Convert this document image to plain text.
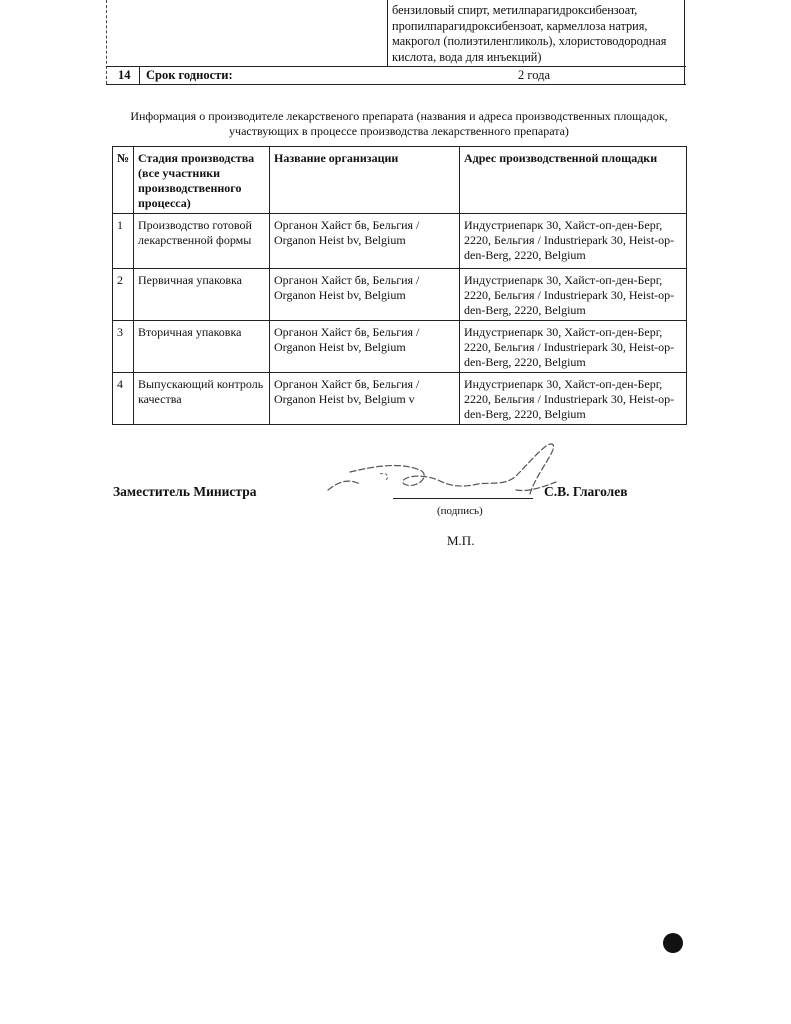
бензиловый спирт, метилпарагидроксибензоат,
пропилпарагидроксибензоат, кармеллоза натрия,
макрогол (полиэтиленгликоль), хлористоводородная
кислота, вода для инъекций)
14 Срок годности:	2 года
Информация о производителе лекарственого препарата (названия и адреса производственных площадок,
участвующих в процессе производства лекарственного препарата)
№	Стадия производства (все участники производственного процесса)	Название организации	Адрес производственной площадки
1	Производство готовой лекарственной формы	Органон Хайст бв, Бельгия / Organon Heist bv, Belgium	Индустриепарк 30, Хайст-оп-ден-Берг, 2220, Бельгия / Industriepark 30, Heist-op-den-Berg, 2220, Belgium
2	Первичная упаковка	Органон Хайст бв, Бельгия / Organon Heist bv, Belgium	Индустриепарк 30, Хайст-оп-ден-Берг, 2220, Бельгия / Industriepark 30, Heist-op-den-Berg, 2220, Belgium
3	Вторичная упаковка	Органон Хайст бв, Бельгия / Organon Heist bv, Belgium	Индустриепарк 30, Хайст-оп-ден-Берг, 2220, Бельгия / Industriepark 30, Heist-op-den-Berg, 2220, Belgium
4	Выпускающий контроль качества	Органон Хайст бв, Бельгия / Organon Heist bv, Belgium v	Индустриепарк 30, Хайст-оп-ден-Берг, 2220, Бельгия / Industriepark 30, Heist-op-den-Berg, 2220, Belgium
Заместитель Министра	С.В. Глаголев
(подпись)
М.П.
